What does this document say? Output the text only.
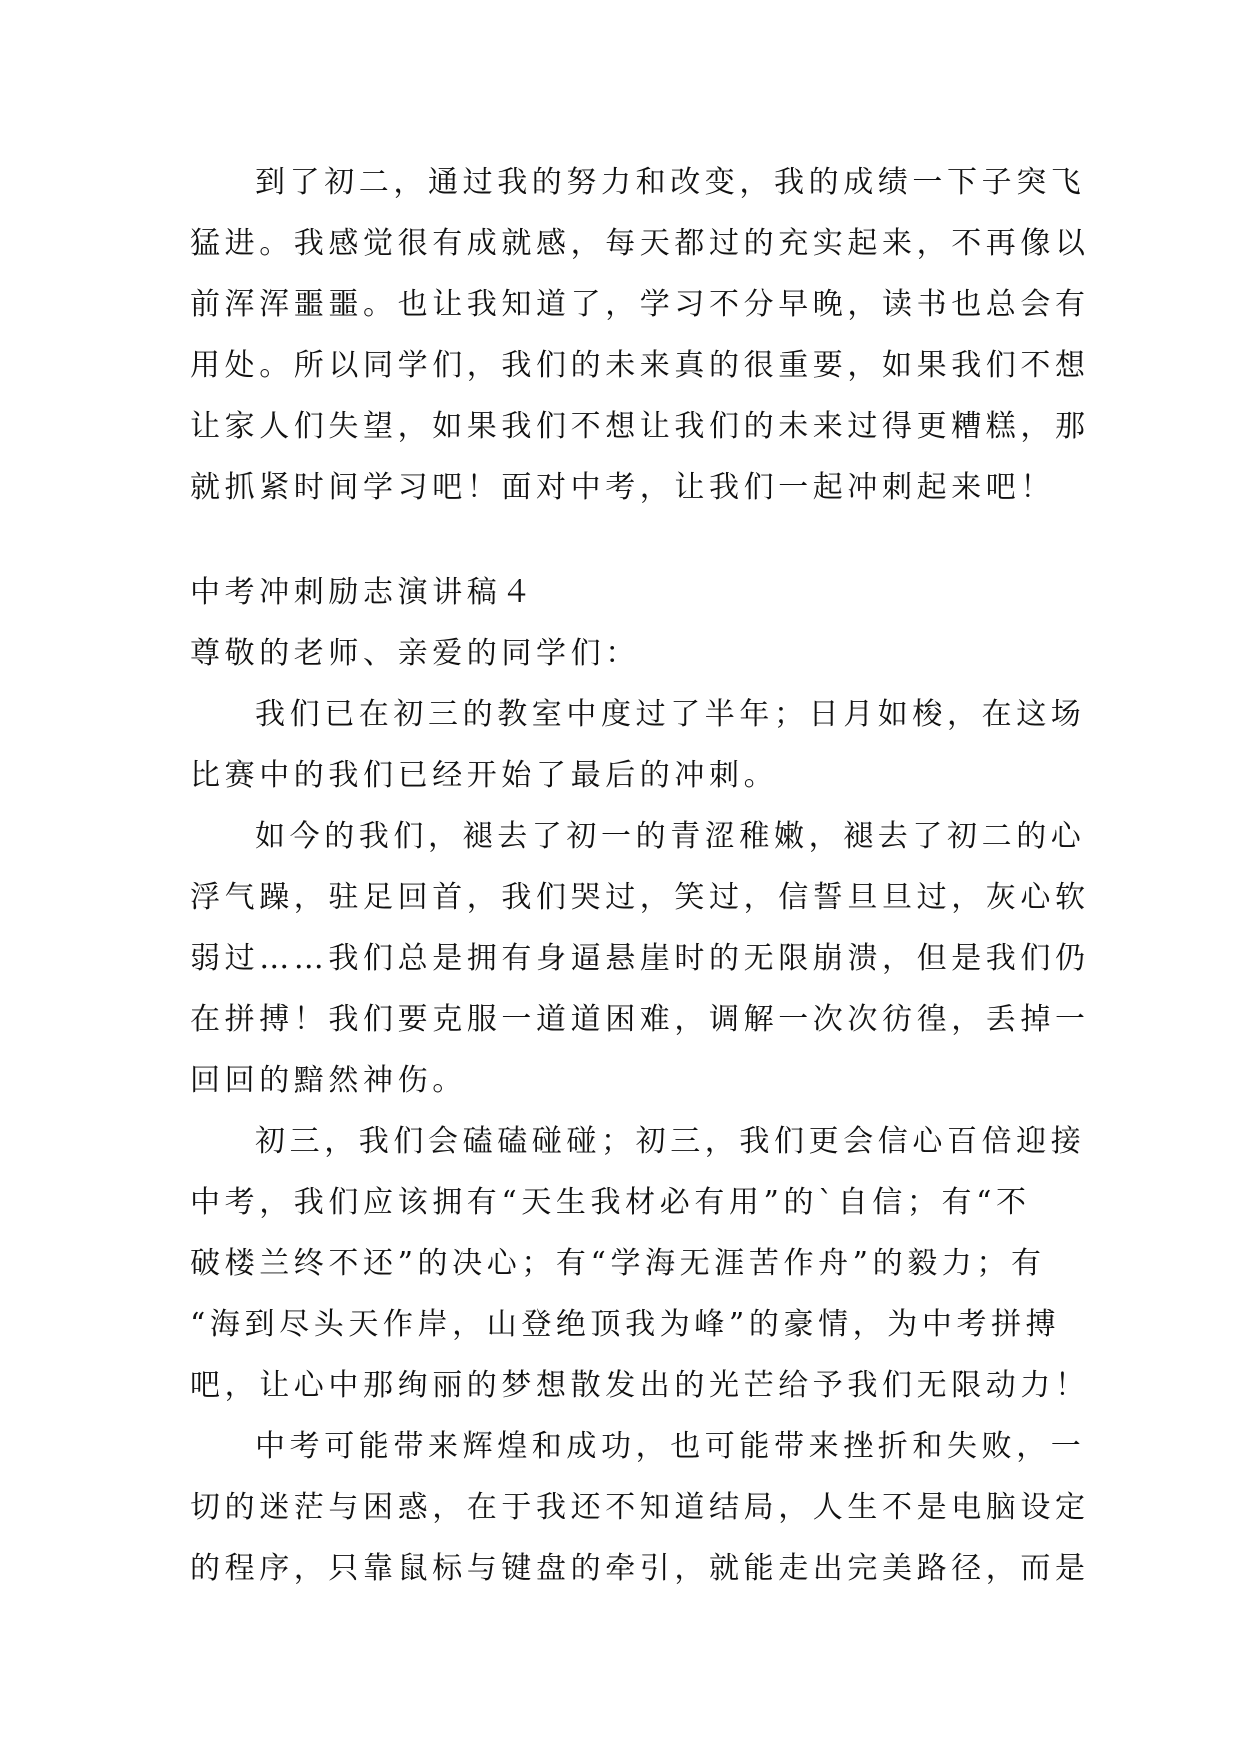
到了初二，通过我的努力和改变，我的成绩一下子突飞
猛进。我感觉很有成就感，每天都过的充实起来，不再像以
前浑浑噩噩。也让我知道了，学习不分早晚，读书也总会有
用处。所以同学们，我们的未来真的很重要，如果我们不想
让家人们失望，如果我们不想让我们的未来过得更糟糕，那
就抓紧时间学习吧！面对中考，让我们一起冲刺起来吧！
中考冲刺励志演讲稿４
尊敬的老师、亲爱的同学们：
我们已在初三的教室中度过了半年；日月如梭，在这场
比赛中的我们已经开始了最后的冲刺。
如今的我们，褪去了初一的青涩稚嫩，褪去了初二的心
浮气躁，驻足回首，我们哭过，笑过，信誓旦旦过，灰心软
弱过……我们总是拥有身逼悬崖时的无限崩溃，但是我们仍
在拼搏！我们要克服一道道困难，调解一次次彷徨，丢掉一
回回的黯然神伤。
初三，我们会磕磕碰碰；初三，我们更会信心百倍迎接
中考，我们应该拥有“天生我材必有用”的`自信；有“不
破楼兰终不还”的决心；有“学海无涯苦作舟”的毅力；有
“海到尽头天作岸，山登绝顶我为峰”的豪情，为中考拼搏
吧，让心中那绚丽的梦想散发出的光芒给予我们无限动力！
中考可能带来辉煌和成功，也可能带来挫折和失败，一
切的迷茫与困惑，在于我还不知道结局，人生不是电脑设定
的程序，只靠鼠标与键盘的牵引，就能走出完美路径，而是
